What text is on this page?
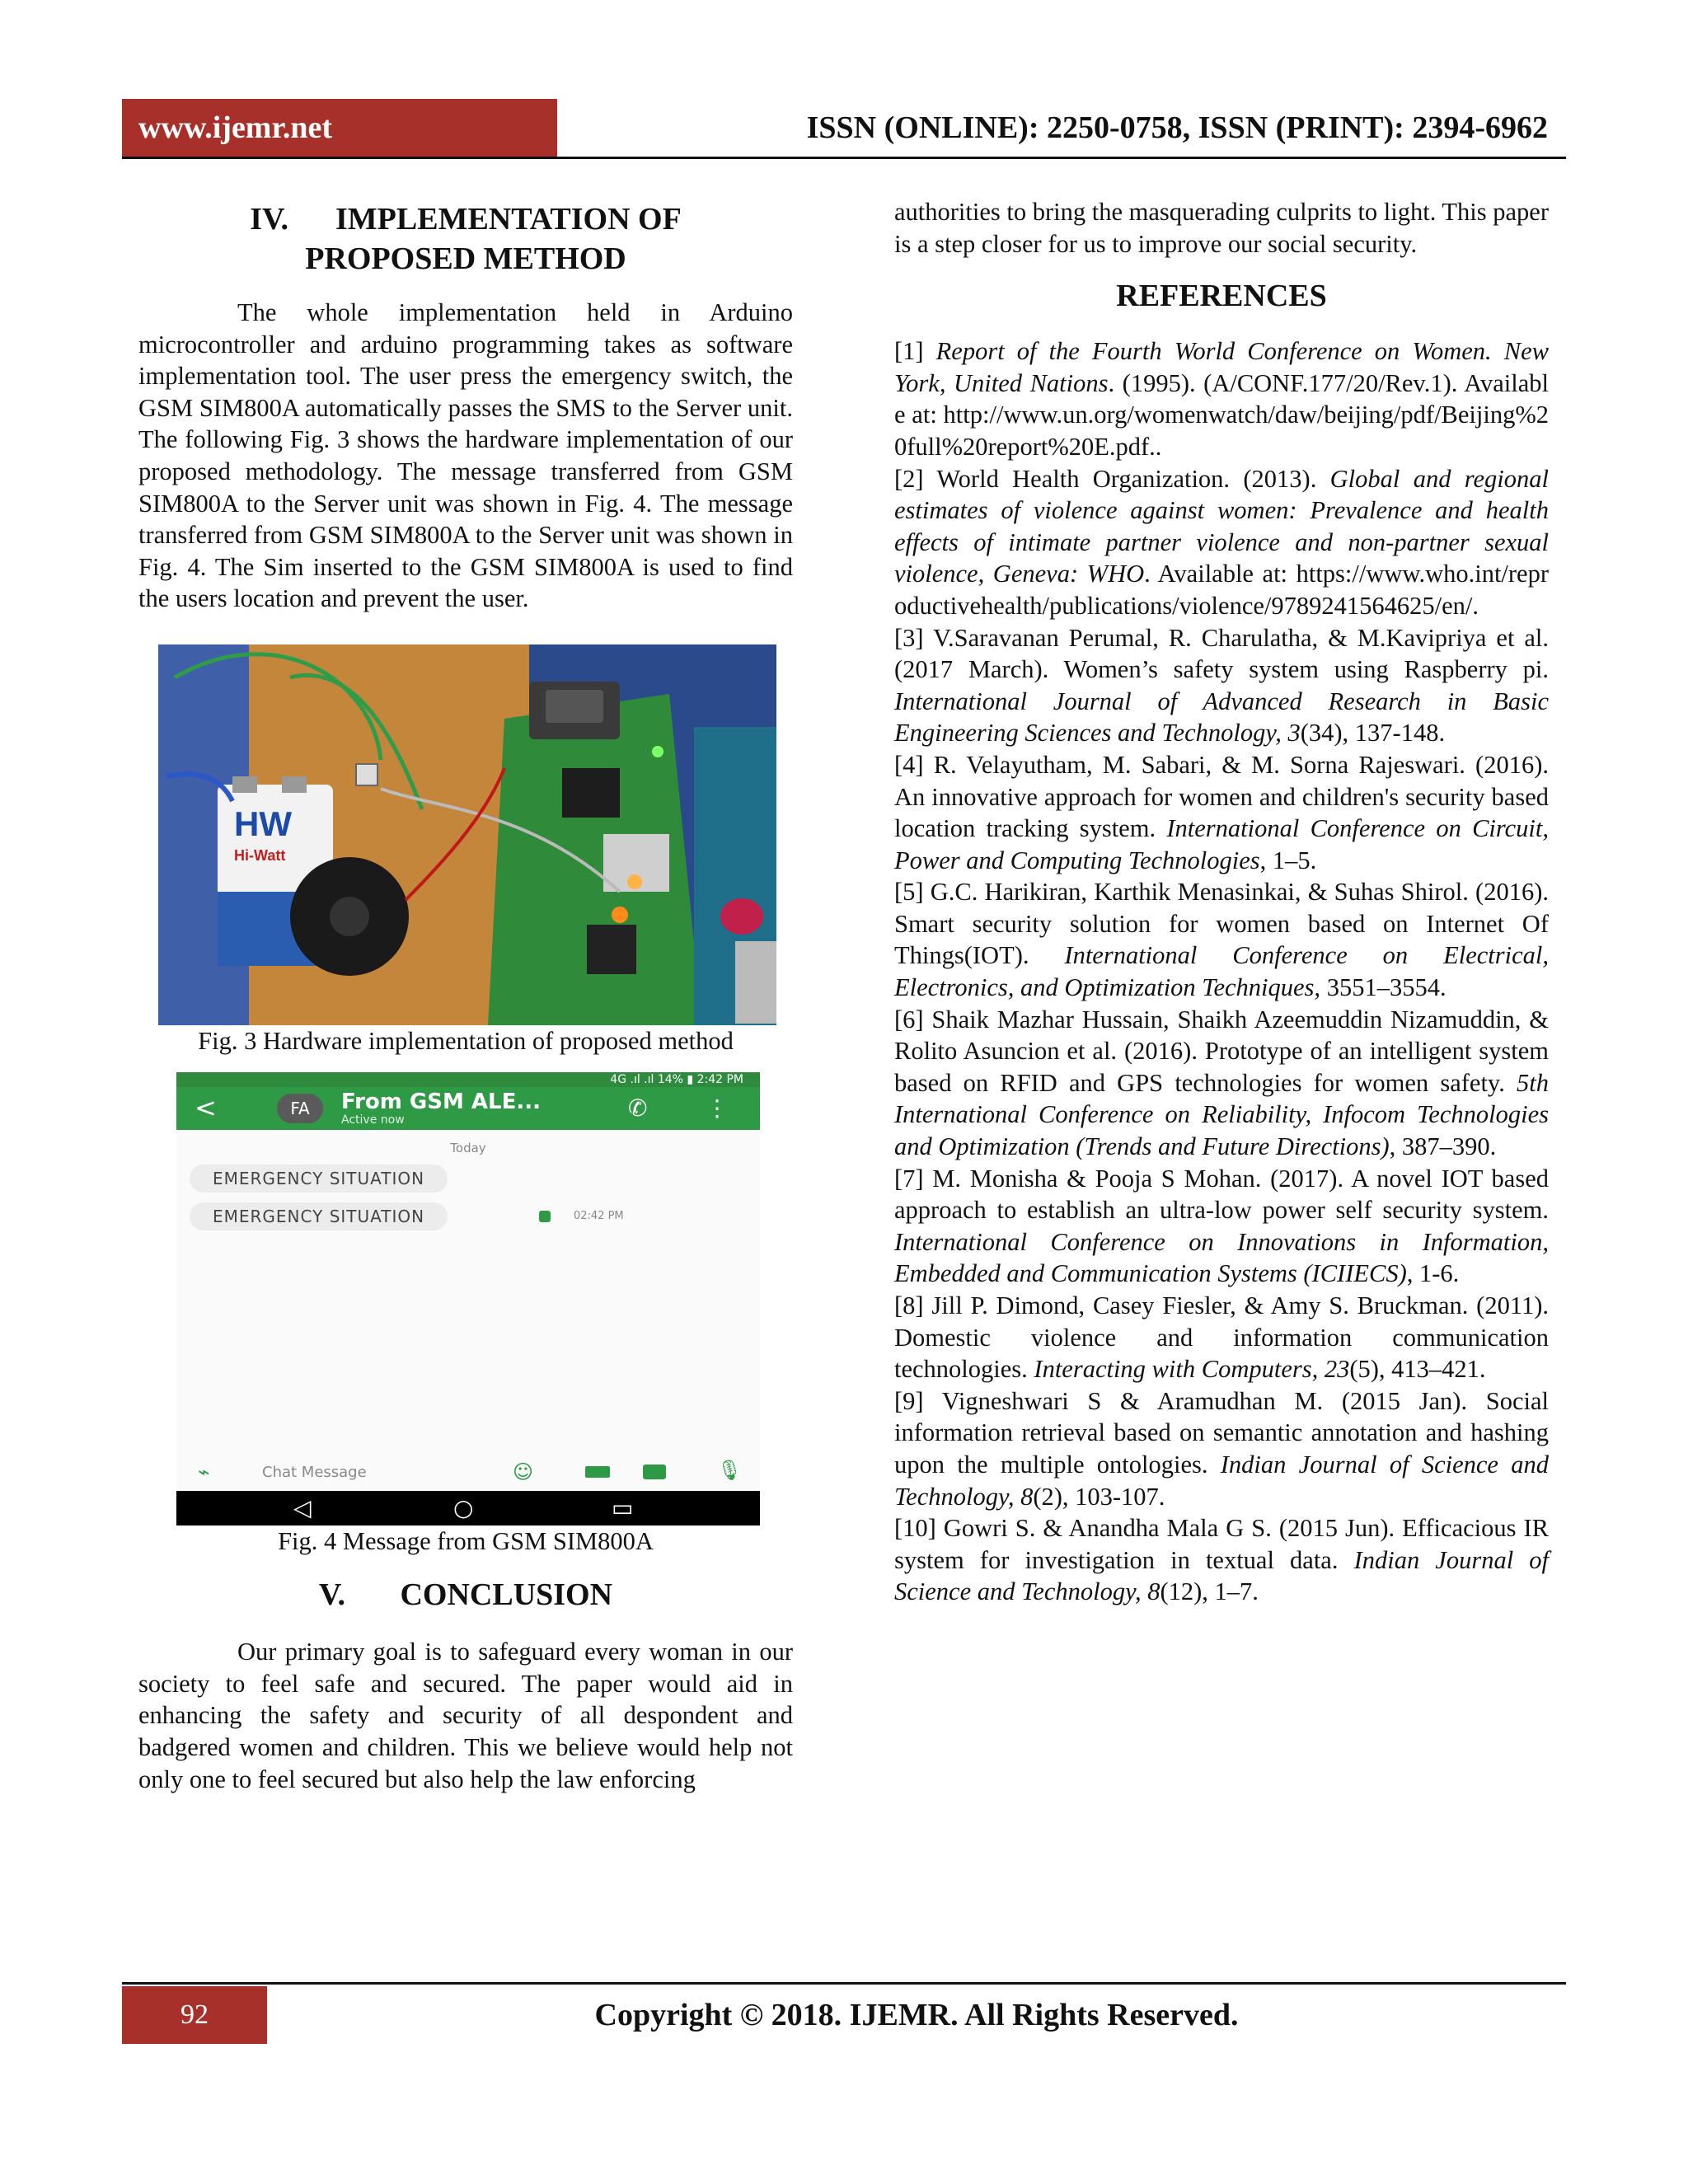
www.ijemr.net	ISSN (ONLINE): 2250-0758, ISSN (PRINT): 2394-6962

IV.      IMPLEMENTATION OF

PROPOSED METHOD

The whole implementation held in Arduino microcontroller and arduino programming takes as software implementation tool. The user press the emergency switch, the GSM SIM800A automatically passes the SMS to the Server unit. The following Fig. 3 shows the hardware implementation of our proposed methodology. The message transferred from GSM SIM800A to the Server unit was shown in Fig. 4. The message transferred from GSM SIM800A to the Server unit was shown in Fig. 4. The Sim inserted to the GSM SIM800A is used to find the users location and prevent the user.

HW
Hi-Watt

Fig. 3 Hardware implementation of proposed method

4G .ıl .ıl 14% ▮ 2:42 PM
<	FA	From GSM ALE...
Active now	✆	⋮
Today
EMERGENCY SITUATION
EMERGENCY SITUATION	02:42 PM
⌁	Chat Message	☺	🎙
◁	○	▭

Fig. 4 Message from GSM SIM800A

V.       CONCLUSION

Our primary goal is to safeguard every woman in our society to feel safe and secured. The paper would aid in enhancing the safety and security of all despondent and badgered women and children. This we believe would help not only one to feel secured but also help the law enforcing

authorities to bring the masquerading culprits to light. This paper is a step closer for us to improve our social security.

REFERENCES

[1] Report of the Fourth World Conference on Women. New York, United Nations. (1995). (A/CONF.177/20/Rev.1). Available at: http://www.un.org/womenwatch/daw/beijing/pdf/Beijing%20full%20report%20E.pdf..

[2] World Health Organization. (2013). Global and regional estimates of violence against women: Prevalence and health effects of intimate partner violence and non-partner sexual violence, Geneva: WHO. Available at: https://www.who.int/reproductivehealth/publications/violence/9789241564625/en/.

[3] V.Saravanan Perumal, R. Charulatha, & M.Kavipriya et al. (2017 March). Women’s safety system using Raspberry pi. International Journal of Advanced Research in Basic Engineering Sciences and Technology, 3(34), 137-148.

[4] R. Velayutham, M. Sabari, & M. Sorna Rajeswari. (2016). An innovative approach for women and children's security based location tracking system. International Conference on Circuit, Power and Computing Technologies, 1–5.

[5] G.C. Harikiran, Karthik Menasinkai, & Suhas Shirol. (2016). Smart security solution for women based on Internet Of Things(IOT). International Conference on Electrical, Electronics, and Optimization Techniques, 3551–3554.

[6] Shaik Mazhar Hussain, Shaikh Azeemuddin Nizamuddin, & Rolito Asuncion et al. (2016). Prototype of an intelligent system based on RFID and GPS technologies for women safety. 5th International Conference on Reliability, Infocom Technologies and Optimization (Trends and Future Directions), 387–390.

[7] M. Monisha & Pooja S Mohan. (2017). A novel IOT based approach to establish an ultra-low power self security system. International Conference on Innovations in Information, Embedded and Communication Systems (ICIIECS), 1-6.

[8] Jill P. Dimond, Casey Fiesler, & Amy S. Bruckman. (2011). Domestic violence and information communication technologies. Interacting with Computers, 23(5), 413–421.

[9] Vigneshwari S & Aramudhan M. (2015 Jan). Social information retrieval based on semantic annotation and hashing upon the multiple ontologies. Indian Journal of Science and Technology, 8(2), 103-107.

[10] Gowri S. & Anandha Mala G S. (2015 Jun). Efficacious IR system for investigation in textual data. Indian Journal of Science and Technology, 8(12), 1–7.

92	Copyright © 2018. IJEMR. All Rights Reserved.
